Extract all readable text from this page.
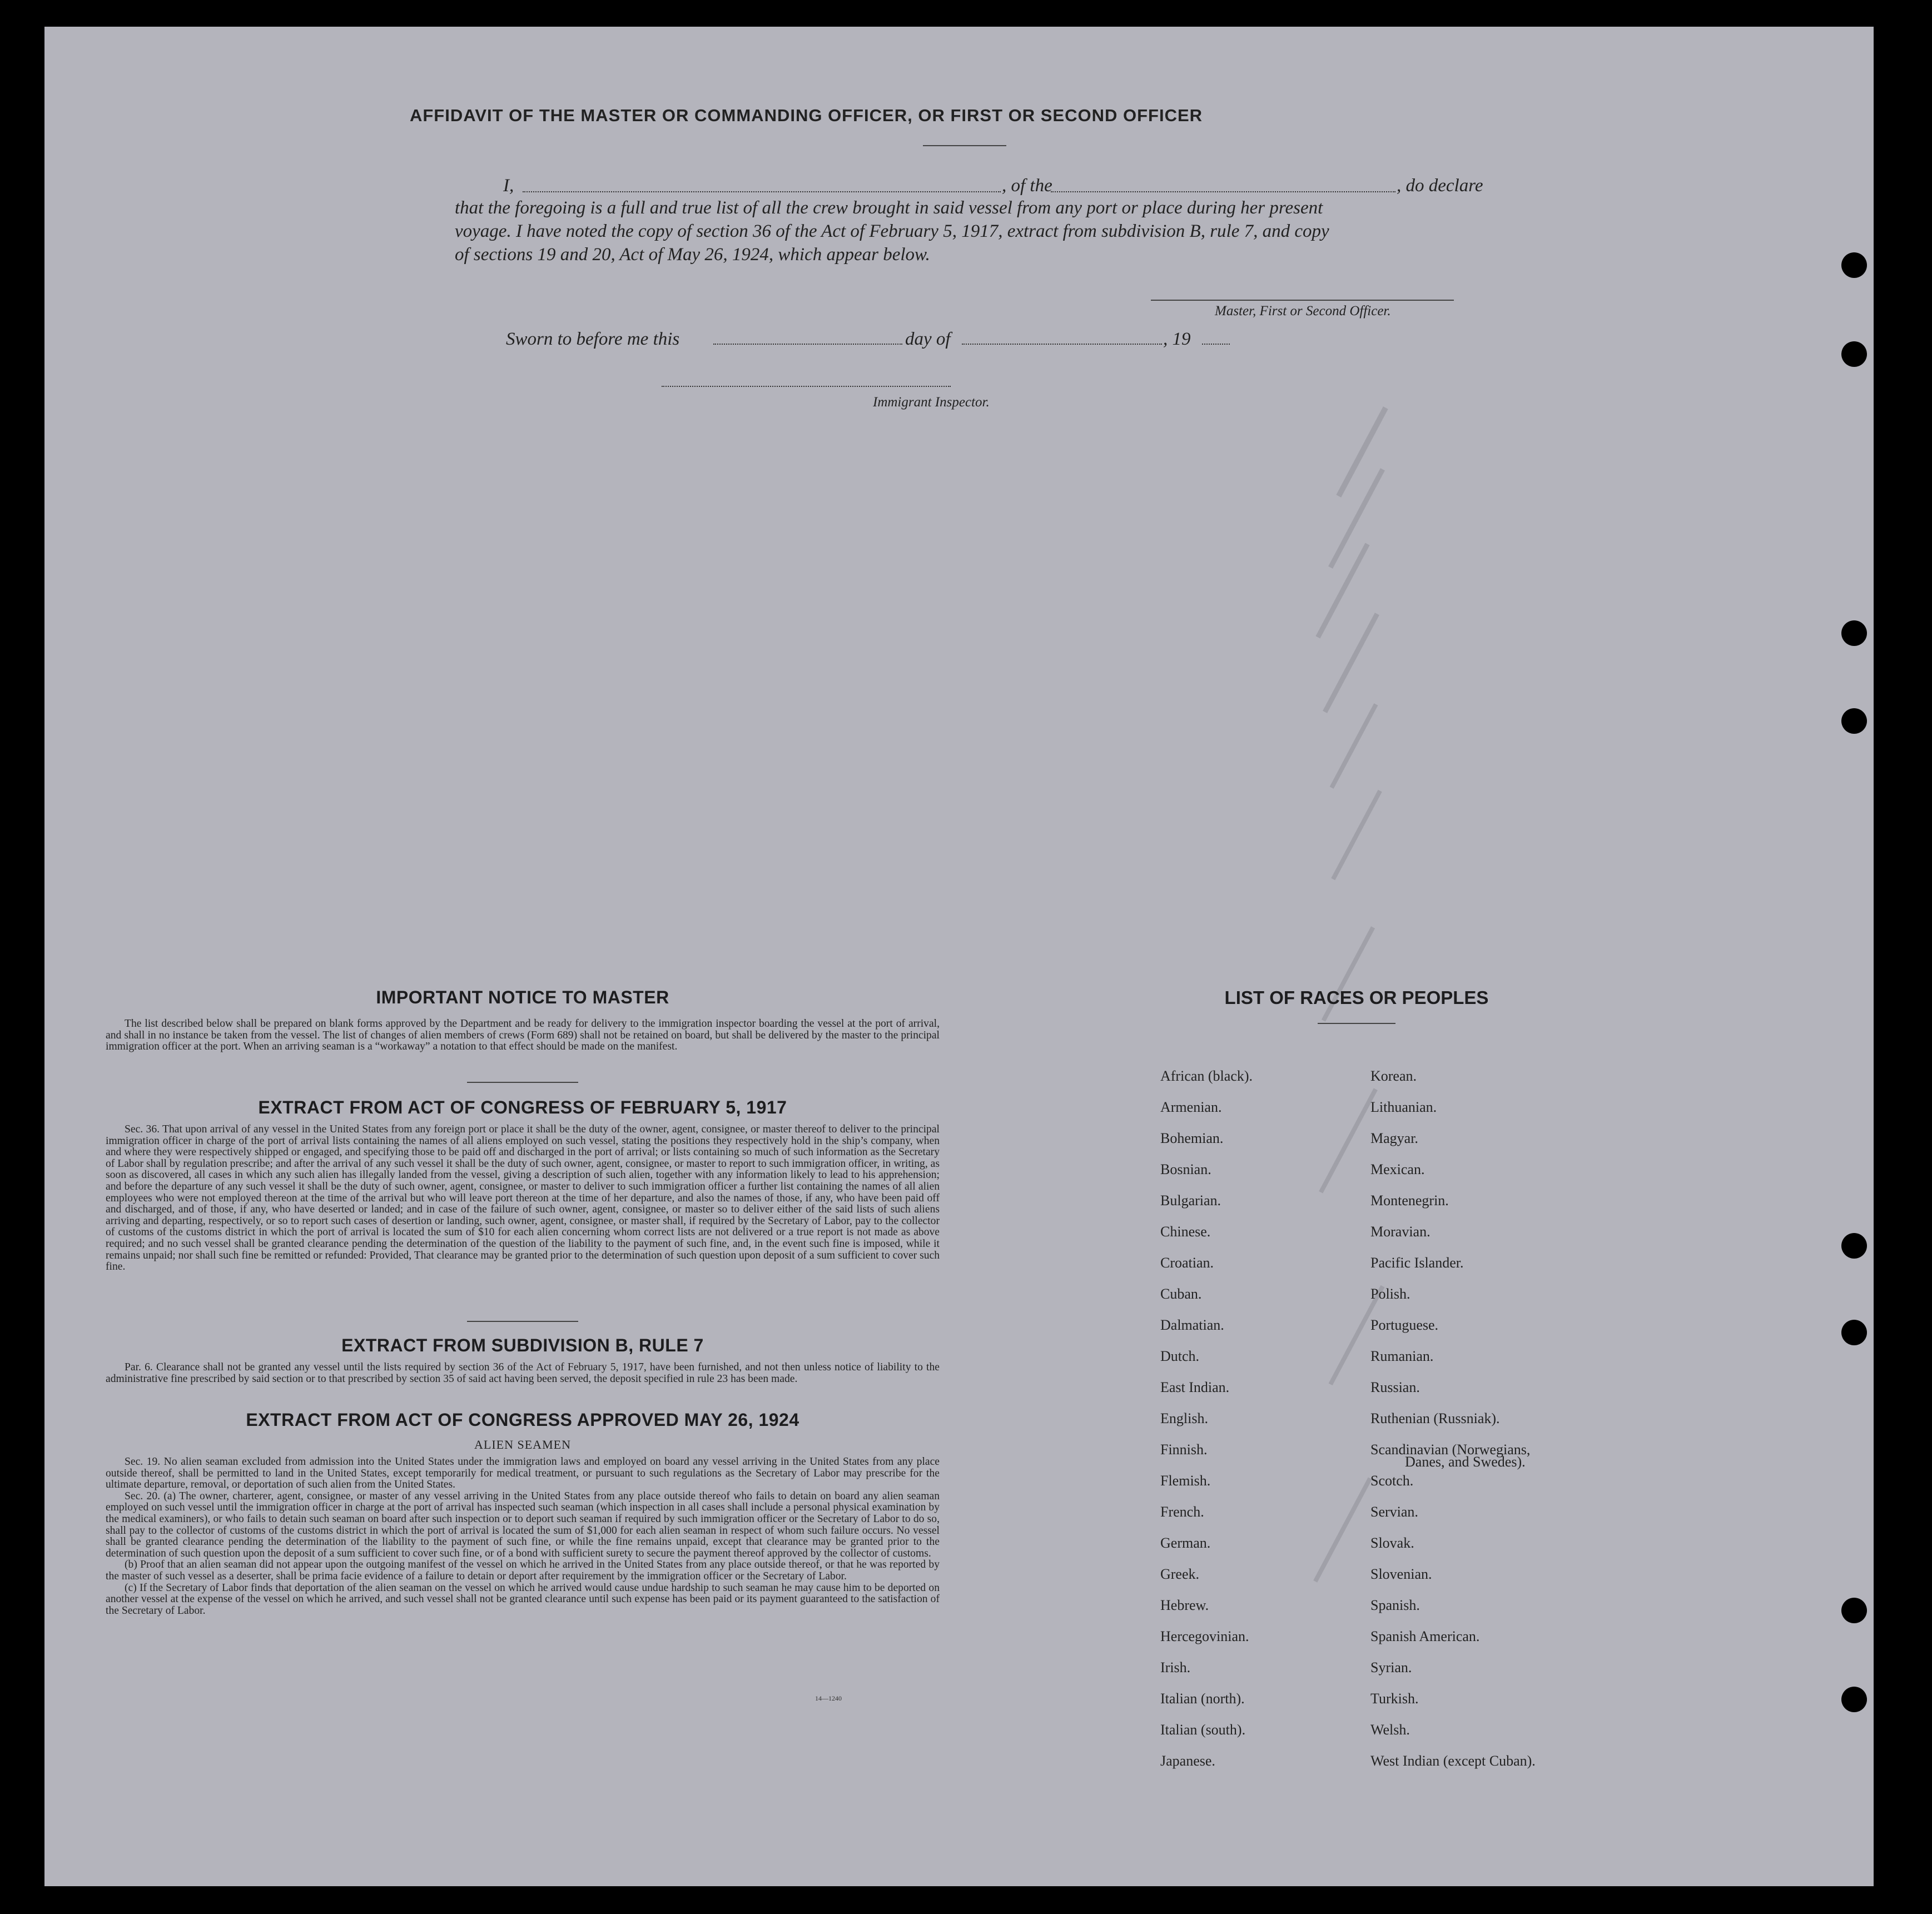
AFFIDAVIT OF THE MASTER OR COMMANDING OFFICER, OR FIRST OR SECOND OFFICER
I,	, of the	, do declare
that the foregoing is a full and true list of all the crew brought in said vessel from any port or place during her present
voyage. I have noted the copy of section 36 of the Act of February 5, 1917, extract from subdivision B, rule 7, and copy
of sections 19 and 20, Act of May 26, 1924, which appear below.
Master, First or Second Officer.
Sworn to before me this	day of	, 19
Immigrant Inspector.
IMPORTANT NOTICE TO MASTER

The list described below shall be prepared on blank forms approved by the Department and be ready for delivery to the immigration inspector boarding the vessel at the port of arrival, and shall in no instance be taken from the vessel. The list of changes of alien members of crews (Form 689) shall not be retained on board, but shall be delivered by the master to the principal immigration officer at the port. When an arriving seaman is a “workaway” a notation to that effect should be made on the manifest.

EXTRACT FROM ACT OF CONGRESS OF FEBRUARY 5, 1917

Sec. 36. That upon arrival of any vessel in the United States from any foreign port or place it shall be the duty of the owner, agent, consignee, or master thereof to deliver to the principal immigration officer in charge of the port of arrival lists containing the names of all aliens employed on such vessel, stating the positions they respectively hold in the ship’s company, when and where they were respectively shipped or engaged, and specifying those to be paid off and discharged in the port of arrival; or lists containing so much of such information as the Secretary of Labor shall by regulation prescribe; and after the arrival of any such vessel it shall be the duty of such owner, agent, consignee, or master to report to such immigration officer, in writing, as soon as discovered, all cases in which any such alien has illegally landed from the vessel, giving a description of such alien, together with any information likely to lead to his apprehension; and before the departure of any such vessel it shall be the duty of such owner, agent, consignee, or master to deliver to such immigration officer a further list containing the names of all alien employees who were not employed thereon at the time of the arrival but who will leave port thereon at the time of her departure, and also the names of those, if any, who have been paid off and discharged, and of those, if any, who have deserted or landed; and in case of the failure of such owner, agent, consignee, or master so to deliver either of the said lists of such aliens arriving and departing, respectively, or so to report such cases of desertion or landing, such owner, agent, consignee, or master shall, if required by the Secretary of Labor, pay to the collector of customs of the customs district in which the port of arrival is located the sum of $10 for each alien concerning whom correct lists are not delivered or a true report is not made as above required; and no such vessel shall be granted clearance pending the determination of the question of the liability to the payment of such fine, and, in the event such fine is imposed, while it remains unpaid; nor shall such fine be remitted or refunded: Provided, That clearance may be granted prior to the determination of such question upon deposit of a sum sufficient to cover such fine.

EXTRACT FROM SUBDIVISION B, RULE 7

Par. 6. Clearance shall not be granted any vessel until the lists required by section 36 of the Act of February 5, 1917, have been furnished, and not then unless notice of liability to the administrative fine prescribed by said section or to that prescribed by section 35 of said act having been served, the deposit specified in rule 23 has been made.

EXTRACT FROM ACT OF CONGRESS APPROVED MAY 26, 1924
ALIEN SEAMEN

Sec. 19. No alien seaman excluded from admission into the United States under the immigration laws and employed on board any vessel arriving in the United States from any place outside thereof, shall be permitted to land in the United States, except temporarily for medical treatment, or pursuant to such regulations as the Secretary of Labor may prescribe for the ultimate departure, removal, or deportation of such alien from the United States.

Sec. 20. (a) The owner, charterer, agent, consignee, or master of any vessel arriving in the United States from any place outside thereof who fails to detain on board any alien seaman employed on such vessel until the immigration officer in charge at the port of arrival has inspected such seaman (which inspection in all cases shall include a personal physical examination by the medical examiners), or who fails to detain such seaman on board after such inspection or to deport such seaman if required by such immigration officer or the Secretary of Labor to do so, shall pay to the collector of customs of the customs district in which the port of arrival is located the sum of $1,000 for each alien seaman in respect of whom such failure occurs. No vessel shall be granted clearance pending the determination of the liability to the payment of such fine, or while the fine remains unpaid, except that clearance may be granted prior to the determination of such question upon the deposit of a sum sufficient to cover such fine, or of a bond with sufficient surety to secure the payment thereof approved by the collector of customs.

(b) Proof that an alien seaman did not appear upon the outgoing manifest of the vessel on which he arrived in the United States from any place outside thereof, or that he was reported by the master of such vessel as a deserter, shall be prima facie evidence of a failure to detain or deport after requirement by the immigration officer or the Secretary of Labor.

(c) If the Secretary of Labor finds that deportation of the alien seaman on the vessel on which he arrived would cause undue hardship to such seaman he may cause him to be deported on another vessel at the expense of the vessel on which he arrived, and such vessel shall not be granted clearance until such expense has been paid or its payment guaranteed to the satisfaction of the Secretary of Labor.

14—1240
LIST OF RACES OR PEOPLES
African (black).
Armenian.
Bohemian.
Bosnian.
Bulgarian.
Chinese.
Croatian.
Cuban.
Dalmatian.
Dutch.
East Indian.
English.
Finnish.
Flemish.
French.
German.
Greek.
Hebrew.
Hercegovinian.
Irish.
Italian (north).
Italian (south).
Japanese.
Korean.
Lithuanian.
Magyar.
Mexican.
Montenegrin.
Moravian.
Pacific Islander.
Polish.
Portuguese.
Rumanian.
Russian.
Ruthenian (Russniak).
Scandinavian (Norwegians,
Danes, and Swedes).
Scotch.
Servian.
Slovak.
Slovenian.
Spanish.
Spanish American.
Syrian.
Turkish.
Welsh.
West Indian (except Cuban).
